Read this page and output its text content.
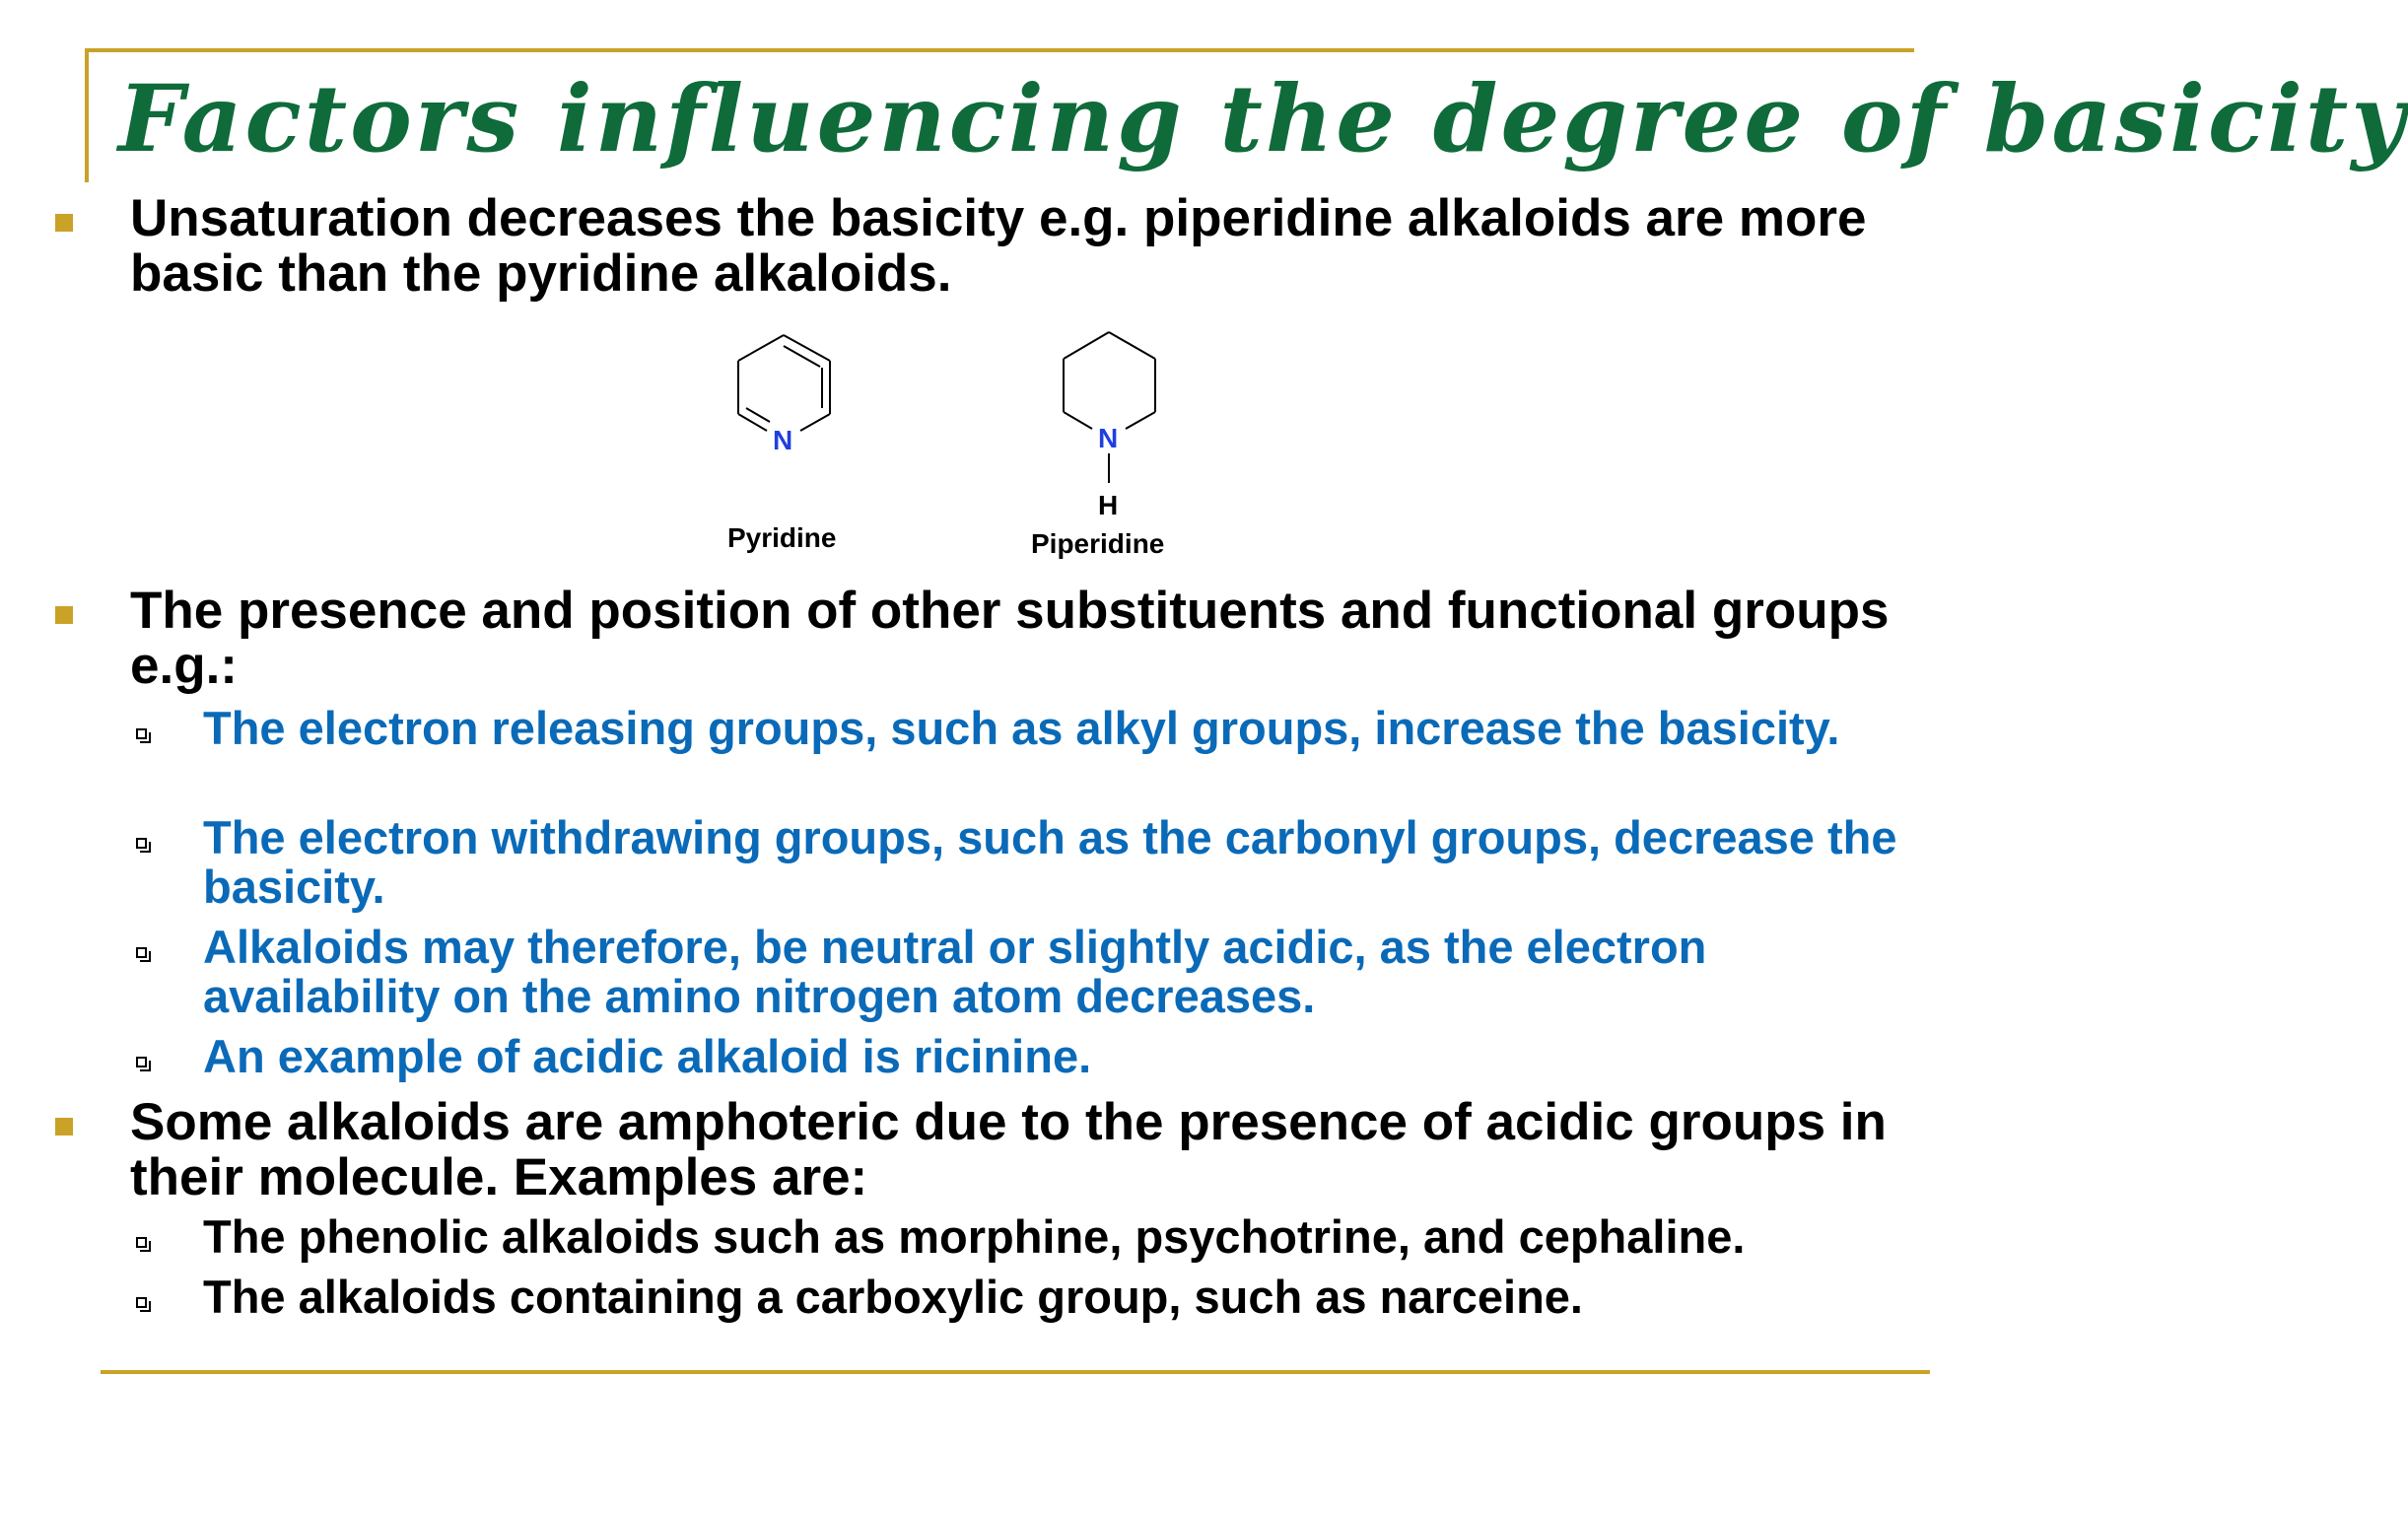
Factors influencing the degree of basicity
Unsaturation decreases the basicity e.g. piperidine alkaloids are more basic than the pyridine alkaloids.
N
Pyridine
N
H
Piperidine
The presence and position of other substituents and functional groups e.g.:
The electron releasing groups, such as alkyl groups, increase the basicity.
The electron withdrawing groups, such as the carbonyl groups, decrease the basicity.
Alkaloids may therefore, be neutral or slightly acidic, as the electron availability on the amino nitrogen atom decreases.
An example of acidic alkaloid is ricinine.
Some alkaloids are amphoteric due to the presence of acidic groups in their molecule. Examples are:
The phenolic alkaloids such as morphine, psychotrine, and cephaline.
The alkaloids containing a carboxylic group, such as narceine.
